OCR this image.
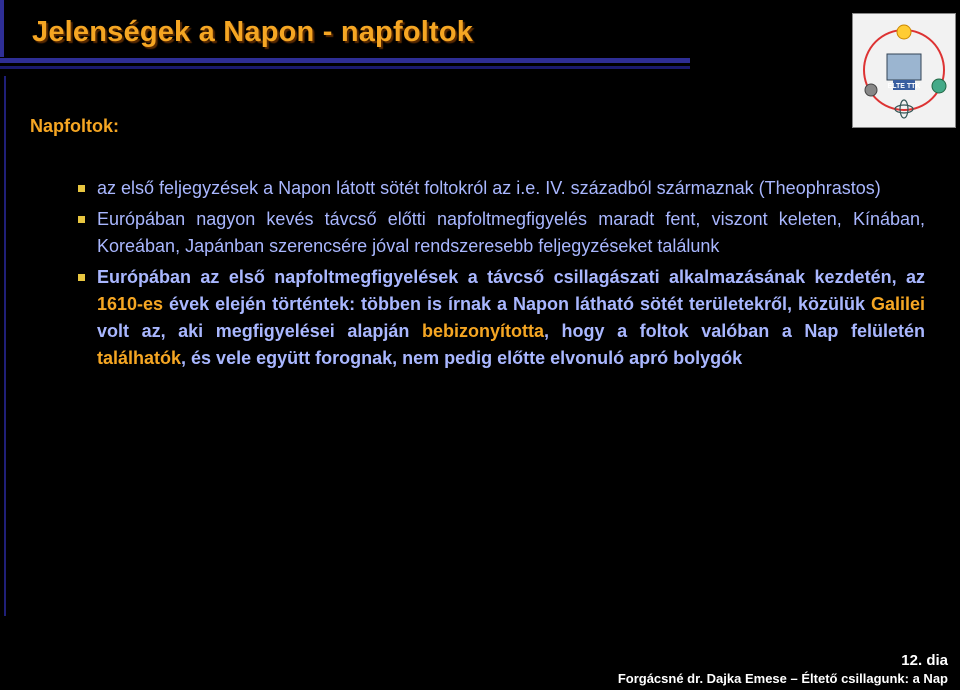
Jelenségek a Napon - napfoltok
ELTE TTK
Napfoltok:
az első feljegyzések a Napon látott sötét foltokról az i.e. IV. századból származnak (Theophrastos)
Európában nagyon kevés távcső előtti napfoltmegfigyelés maradt fent, viszont keleten, Kínában, Koreában, Japánban szerencsére jóval rendszeresebb feljegyzéseket találunk
Európában az első napfoltmegfigyelések a távcső csillagászati alkalmazásának kezdetén, az 1610-es évek elején történtek: többen is írnak a Napon látható sötét területekről, közülük Galilei volt az, aki megfigyelései alapján bebizonyította, hogy a foltok valóban a Nap felületén találhatók, és vele együtt forognak, nem pedig előtte elvonuló apró bolygók
12. dia
Forgácsné dr. Dajka Emese – Éltető csillagunk: a Nap
